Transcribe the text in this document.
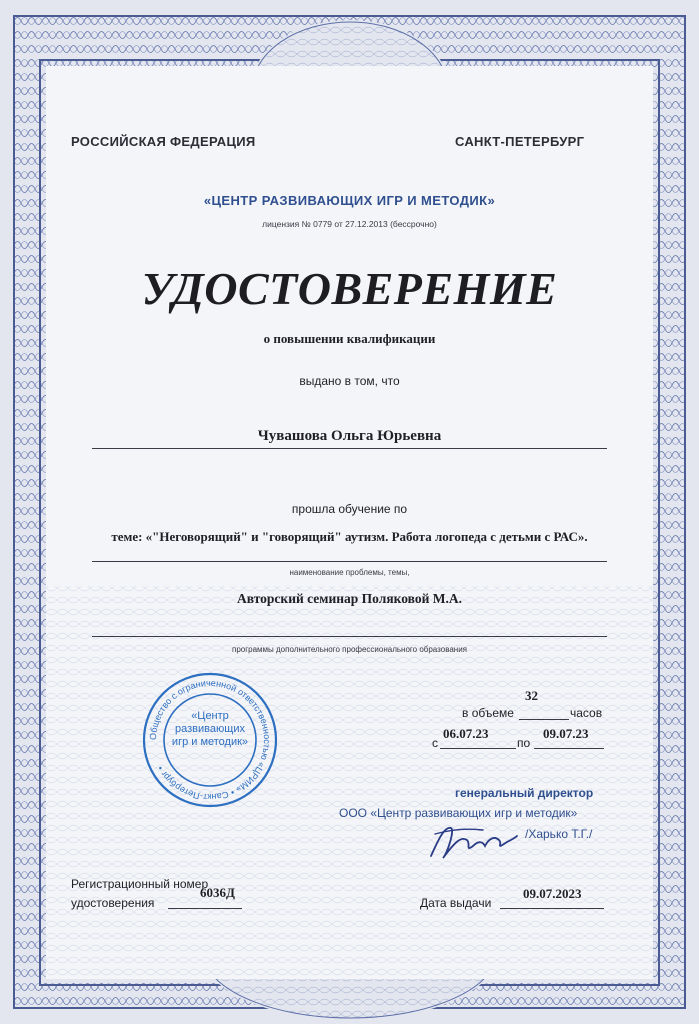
РОССИЙСКАЯ ФЕДЕРАЦИЯ	САНКТ-ПЕТЕРБУРГ
«ЦЕНТР РАЗВИВАЮЩИХ ИГР И МЕТОДИК»
лицензия № 0779 от 27.12.2013 (бессрочно)
УДОСТОВЕРЕНИЕ
о повышении квалификации
выдано в том, что
Чувашова Ольга Юрьевна
прошла обучение по
теме: «"Неговорящий" и "говорящий" аутизм. Работа логопеда с детьми с РАС».
наименование проблемы, темы,
Авторский семинар Поляковой М.А.
программы дополнительного профессионального образования
Общество с ограниченной ответственностью «ЦРИМ» • Санкт-Петербург •
«Центр развивающих игр и методик»
32
в объеме	часов
с
06.07.23
по
09.07.23
генеральный директор
ООО «Центр развивающих игр и методик»
/Харько Т.Г./
Регистрационный номер
удостоверения
6036Д
Дата выдачи
09.07.2023
